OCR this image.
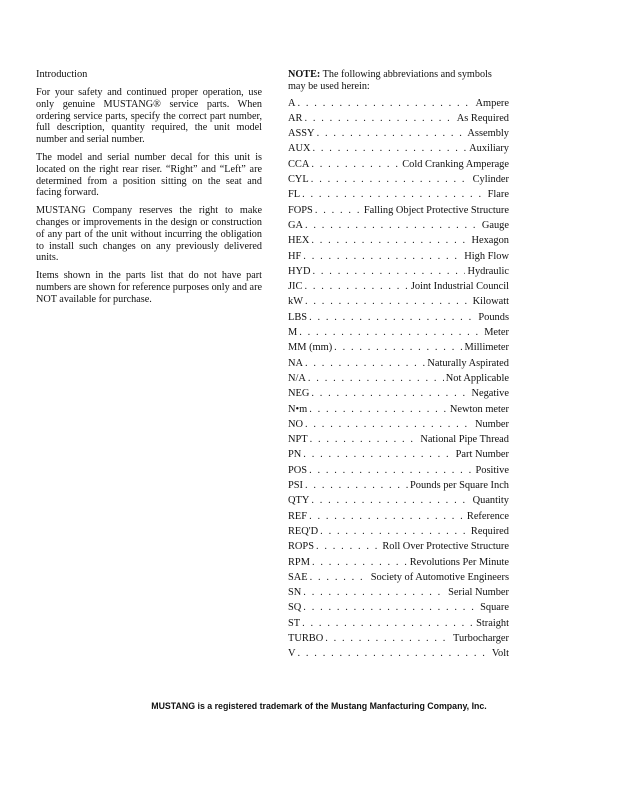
Introduction

For your safety and continued proper operation, use only genuine MUSTANG® service parts. When ordering service parts, specify the correct part number, full description, quantity required, the unit model number and serial number.

The model and serial number decal for this unit is located on the right rear riser. “Right” and “Left” are determined from a position sitting on the seat and facing forward.

MUSTANG Company reserves the right to make changes or improvements in the design or construction of any part of the unit without incurring the obligation to install such changes on any previously delivered units.

Items shown in the parts list that do not have part numbers are shown for reference purposes only and are NOT available for purchase.

NOTE: The following abbreviations and symbols may be used herein:
A . . .	Ampere
AR . . .	As Required
ASSY . . .	Assembly
AUX . . .	Auxiliary
CCA . . .	Cold Cranking Amperage
CYL . . .	Cylinder
FL . . .	Flare
FOPS . . .	Falling Object Protective Structure
GA . . .	Gauge
HEX . . .	Hexagon
HF . . .	High Flow
HYD . . .	Hydraulic
JIC . . .	Joint Industrial Council
kW . . .	Kilowatt
LBS . . .	Pounds
M . . .	Meter
MM (mm) . . .	Millimeter
NA . . .	Naturally Aspirated
N/A . . .	Not Applicable
NEG . . .	Negative
N•m . . .	Newton meter
NO . . .	Number
NPT . . .	National Pipe Thread
PN . . .	Part Number
POS . . .	Positive
PSI . . .	Pounds per Square Inch
QTY . . .	Quantity
REF . . .	Reference
REQ'D . . .	Required
ROPS . . .	Roll Over Protective Structure
RPM . . .	Revolutions Per Minute
SAE . . .	Society of Automotive Engineers
SN . . .	Serial Number
SQ . . .	Square
ST . . .	Straight
TURBO . . .	Turbocharger
V . . .	Volt
MUSTANG is a registered trademark of the Mustang Manfacturing Company, Inc.
